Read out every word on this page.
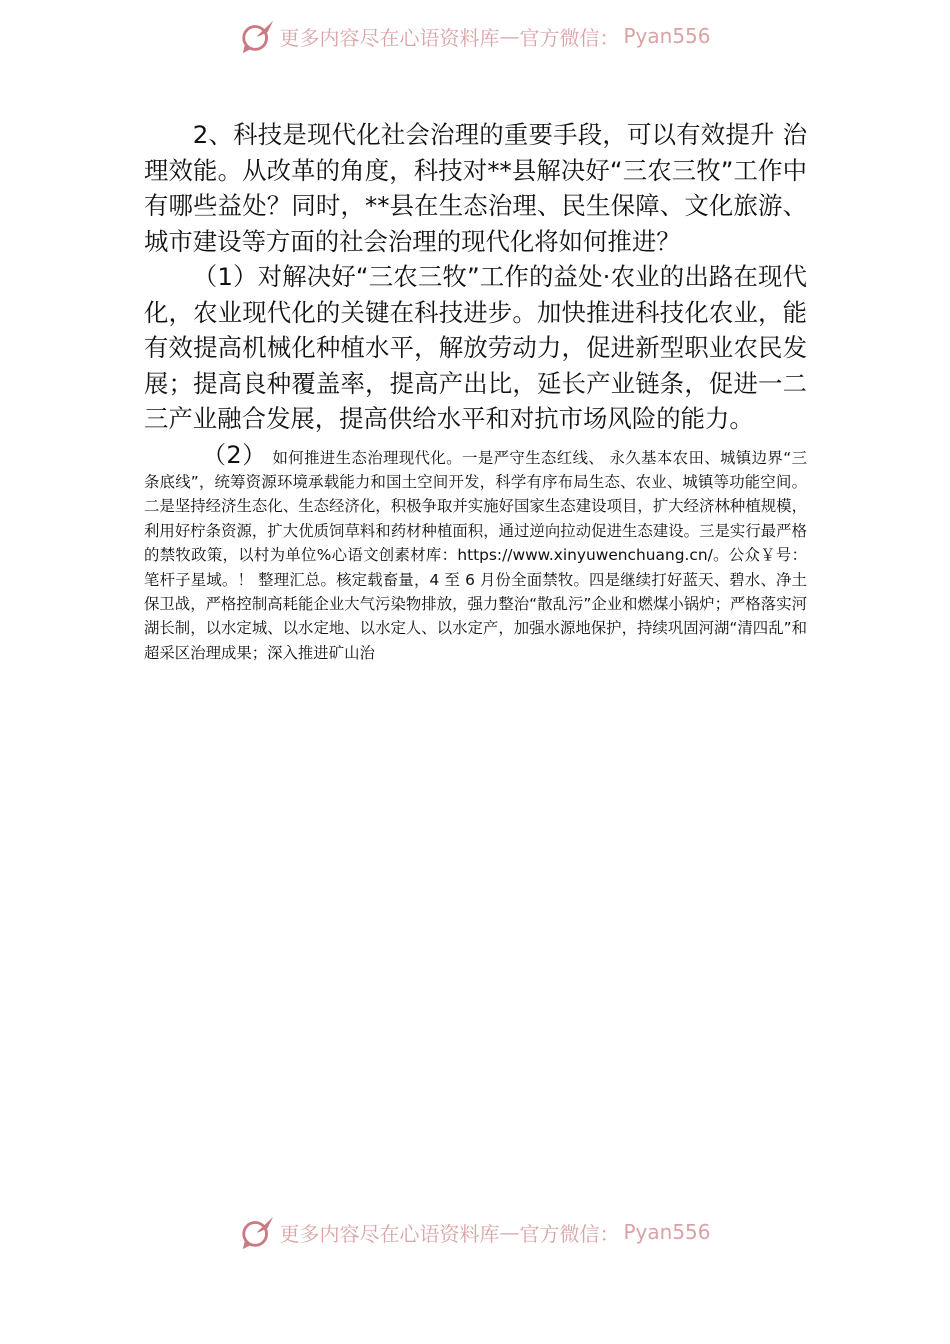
更多内容尽在心语资料库 — 官方微信： Pyan556

2、科技是现代化社会治理的重要手段，可以有效提升 治理效能。从改革的角度，科技对**县解决好“三农三牧”工作中有哪些益处？同时，**县在生态治理、民生保障、文化旅游、城市建设等方面的社会治理的现代化将如何推进？

（1）对解决好“三农三牧”工作的益处·农业的出路在现代化，农业现代化的关键在科技进步。加快推进科技化农业，能有效提高机械化种植水平，解放劳动力，促进新型职业农民发展；提高良种覆盖率，提高产出比，延长产业链条，促进一二三产业融合发展，提高供给水平和对抗市场风险的能力。

（2） 如何推进生态治理现代化。一是严守生态红线、 永久基本农田、城镇边界“三条底线”，统筹资源环境承载能力和国土空间开发，科学有序布局生态、农业、城镇等功能空间。二是坚持经济生态化、生态经济化，积极争取并实施好国家生态建设项目，扩大经济林种植规模，利用好柠条资源，扩大优质饲草料和药材种植面积，通过逆向拉动促进生态建设。三是实行最严格的禁牧政策，以村为单位%心语文创素材库：https://www.xinyuwenchuang.cn/。公众￥号：笔杆子星域。！ 整理汇总。核定载畜量，4 至 6 月份全面禁牧。四是继续打好蓝天、碧水、净土保卫战，严格控制高耗能企业大气污染物排放，强力整治“散乱污”企业和燃煤小锅炉；严格落实河湖长制，以水定城、以水定地、以水定人、以水定产，加强水源地保护，持续巩固河湖“清四乱”和超采区治理成果；深入推进矿山治

更多内容尽在心语资料库 — 官方微信： Pyan556
